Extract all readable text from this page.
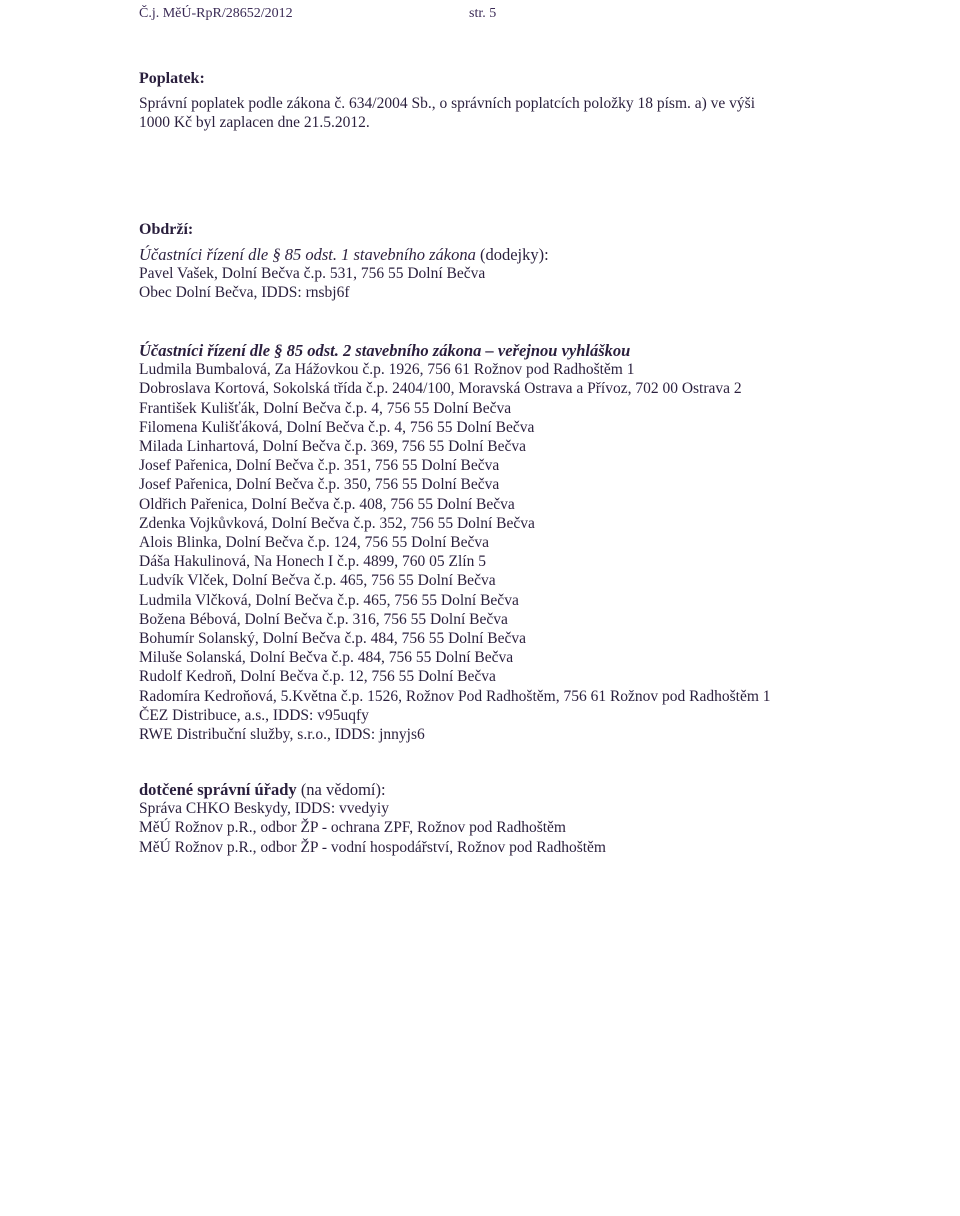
Č.j. MěÚ-RpR/28652/2012	str. 5
Poplatek:
Správní poplatek podle zákona č. 634/2004 Sb., o správních poplatcích položky 18 písm. a) ve výši
1000 Kč byl zaplacen dne 21.5.2012.
Obdrží:
Účastníci řízení dle § 85 odst. 1 stavebního zákona (dodejky):
Pavel Vašek, Dolní Bečva č.p. 531, 756 55 Dolní Bečva
Obec Dolní Bečva, IDDS: rnsbj6f
Účastníci řízení dle § 85 odst. 2 stavebního zákona – veřejnou vyhláškou
Ludmila Bumbalová, Za Hážovkou č.p. 1926, 756 61 Rožnov pod Radhoštěm 1
Dobroslava Kortová, Sokolská třída č.p. 2404/100, Moravská Ostrava a Přívoz, 702 00 Ostrava 2
František Kulišťák, Dolní Bečva č.p. 4, 756 55 Dolní Bečva
Filomena Kulišťáková, Dolní Bečva č.p. 4, 756 55 Dolní Bečva
Milada Linhartová, Dolní Bečva č.p. 369, 756 55 Dolní Bečva
Josef Pařenica, Dolní Bečva č.p. 351, 756 55 Dolní Bečva
Josef Pařenica, Dolní Bečva č.p. 350, 756 55 Dolní Bečva
Oldřich Pařenica, Dolní Bečva č.p. 408, 756 55 Dolní Bečva
Zdenka Vojkůvková, Dolní Bečva č.p. 352, 756 55 Dolní Bečva
Alois Blinka, Dolní Bečva č.p. 124, 756 55 Dolní Bečva
Dáša Hakulinová, Na Honech I č.p. 4899, 760 05 Zlín 5
Ludvík Vlček, Dolní Bečva č.p. 465, 756 55 Dolní Bečva
Ludmila Vlčková, Dolní Bečva č.p. 465, 756 55 Dolní Bečva
Božena Bébová, Dolní Bečva č.p. 316, 756 55 Dolní Bečva
Bohumír Solanský, Dolní Bečva č.p. 484, 756 55 Dolní Bečva
Miluše Solanská, Dolní Bečva č.p. 484, 756 55 Dolní Bečva
Rudolf Kedroň, Dolní Bečva č.p. 12, 756 55 Dolní Bečva
Radomíra Kedroňová, 5.Května č.p. 1526, Rožnov Pod Radhoštěm, 756 61 Rožnov pod Radhoštěm 1
ČEZ Distribuce, a.s., IDDS: v95uqfy
RWE Distribuční služby, s.r.o., IDDS: jnnyjs6
dotčené správní úřady (na vědomí):
Správa CHKO Beskydy, IDDS: vvedyiy
MěÚ Rožnov p.R., odbor ŽP - ochrana ZPF, Rožnov pod Radhoštěm
MěÚ Rožnov p.R., odbor ŽP - vodní hospodářství, Rožnov pod Radhoštěm
